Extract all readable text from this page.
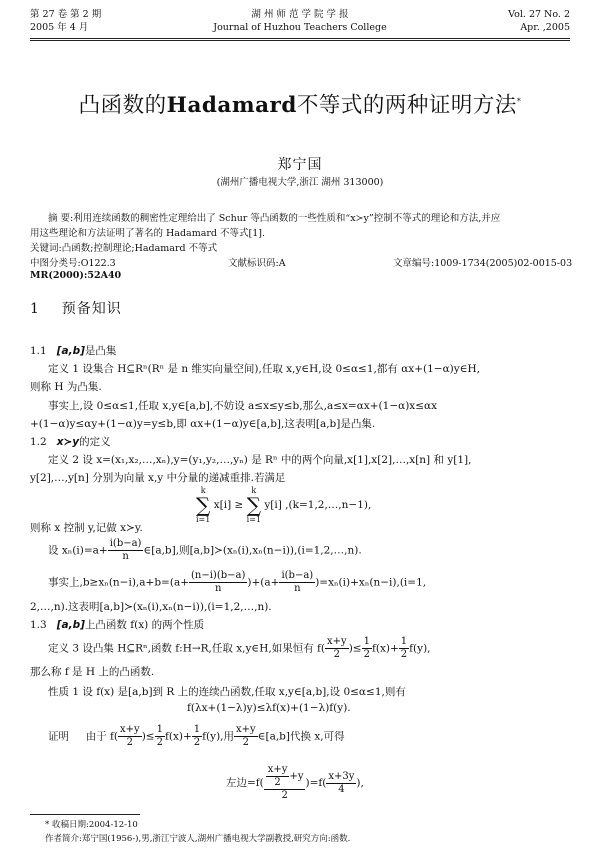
第 27 卷 第 2 期
2005 年 4 月
湖 州 师 范 学 院 学 报
Journal of Huzhou Teachers College
Vol. 27 No. 2
Apr. ,2005
凸函数的Hadamard不等式的两种证明方法*
郑宁国
(湖州广播电视大学,浙江 湖州 313000)
摘 要:利用连续函数的稠密性定理给出了 Schur 等凸函数的一些性质和“x≻y”控制不等式的理论和方法,并应
用这些理论和方法证明了著名的 Hadamard 不等式[1].
关键词:凸函数;控制理论;Hadamard 不等式
中图分类号:O122.3	文献标识码:A	文章编号:1009-1734(2005)02-0015-03
MR(2000):52A40
1 预备知识
1.1 [a,b]是凸集
定义 1 设集合 H⊆Rⁿ(Rⁿ 是 n 维实向量空间),任取 x,y∈H,设 0≤α≤1,都有 αx+(1−α)y∈H,
则称 H 为凸集.
事实上,设 0≤α≤1,任取 x,y∈[a,b],不妨设 a≤x≤y≤b,那么,a≤x=αx+(1−α)x≤αx
+(1−α)y≤αy+(1−α)y=y≤b,即 αx+(1−α)y∈[a,b],这表明[a,b]是凸集.
1.2 x≻y的定义
定义 2 设 x=(x₁,x₂,…,xₙ),y=(y₁,y₂,…,yₙ) 是 Rⁿ 中的两个向量,x[1],x[2],…,x[n] 和 y[1],
y[2],…,y[n] 分别为向量 x,y 中分量的递减重排.若满足
k
∑
i=1 x[i] ≥ k
∑
i=1 y[i] ,(k=1,2,…,n−1),
则称 x 控制 y,记做 x≻y.
设 $x_n(i)=a+ \frac{i(b-a)}{n}$ ∈[a,b],则[a,b]≻(xₙ(i),xₙ(n−i)),(i=1,2,…,n).
事实上$,b\ge x_n(n-i),a+b=(a+ \frac{(n-i)(b-a)}{n} )+(a+ \frac{i(b-a)}{n} )=x_n(i)+x_n(n-i),(i=1$,
2,…,n).这表明[a,b]≻(xₙ(i),xₙ(n−i)),(i=1,2,…,n).
1.3 [a,b]上凸函数 f(x) 的两个性质
定义 3 设凸集 H⊆Rⁿ,函数 f:H→R,任取 x,y∈H,如果恒有 $f( \frac{x+y}{2}$ )≤ $\frac{1}{2} f(x)+ \frac{1}{2} f(y)$,
那么称 f 是 H 上的凸函数.
性质 1 设 f(x) 是[a,b]到 R 上的连续凸函数,任取 x,y∈[a,b],设 0≤α≤1,则有
f(λx+(1−λ)y)≤λf(x)+(1−λ)f(y).
证明 由于 $f( \frac{x+y}{2}$ )≤ $\frac{1}{2} f(x)+ \frac{1}{2} f(y)$,用 $\frac{x+y}{2}$ ∈[a,b]代换 x,可得
左边$=f( \frac{\frac{x+y}{2} +y}{2} )=f( \frac{x+3y}{4}$ ),
* 收稿日期:2004-12-10
作者简介:郑宁国(1956-),男,浙江宁波人,湖州广播电视大学副教授,研究方向:函数.
